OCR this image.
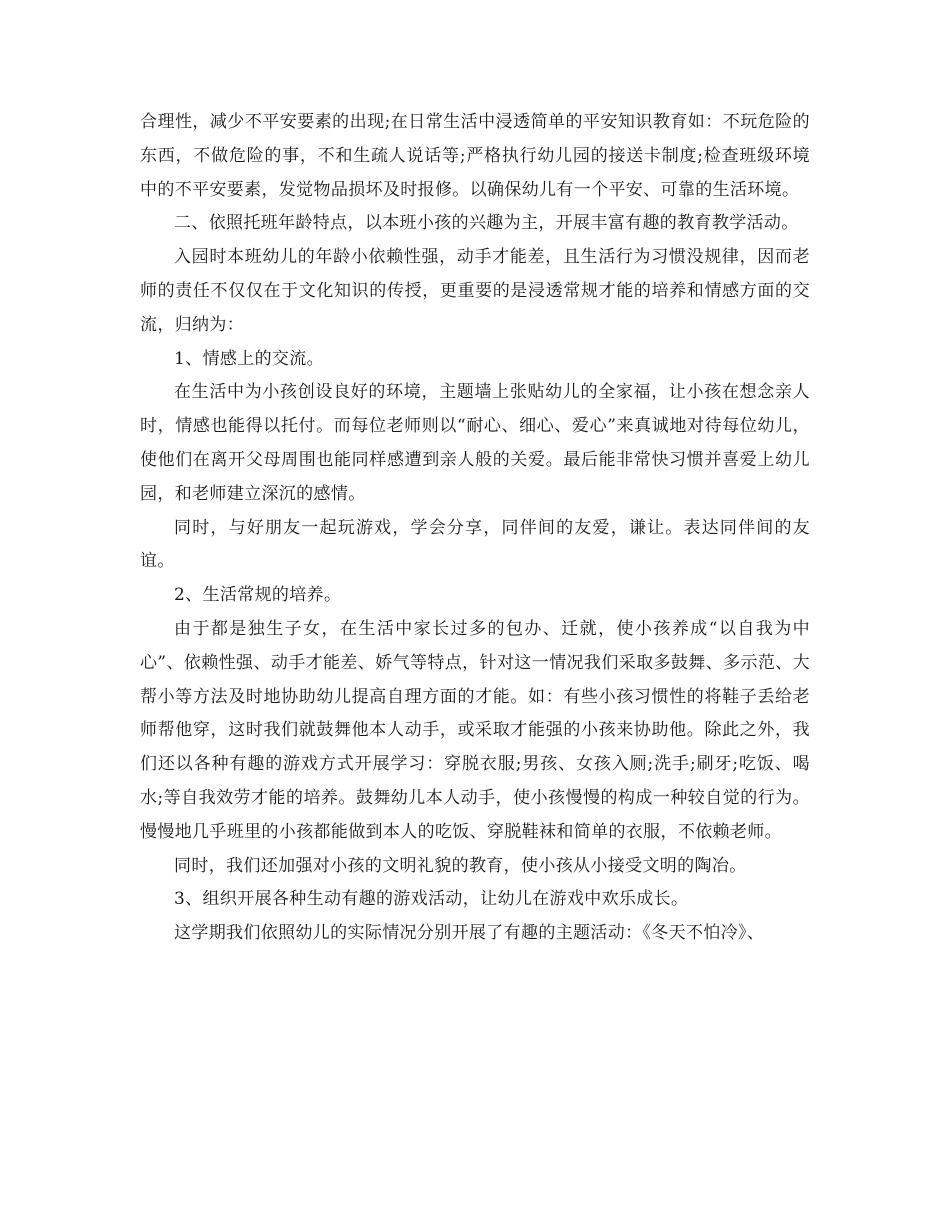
合理性，减少不平安要素的出现;在日常生活中浸透简单的平安知识教育如：不玩危险的东西，不做危险的事，不和生疏人说话等;严格执行幼儿园的接送卡制度;检查班级环境中的不平安要素，发觉物品损坏及时报修。以确保幼儿有一个平安、可靠的生活环境。

二、依照托班年龄特点，以本班小孩的兴趣为主，开展丰富有趣的教育教学活动。

入园时本班幼儿的年龄小依赖性强，动手才能差，且生活行为习惯没规律，因而老师的责任不仅仅在于文化知识的传授，更重要的是浸透常规才能的培养和情感方面的交流，归纳为：

1、情感上的交流。

在生活中为小孩创设良好的环境，主题墙上张贴幼儿的全家福，让小孩在想念亲人时，情感也能得以托付。而每位老师则以“耐心、细心、爱心”来真诚地对待每位幼儿，使他们在离开父母周围也能同样感遭到亲人般的关爱。最后能非常快习惯并喜爱上幼儿园，和老师建立深沉的感情。

同时，与好朋友一起玩游戏，学会分享，同伴间的友爱，谦让。表达同伴间的友谊。

2、生活常规的培养。

由于都是独生子女，在生活中家长过多的包办、迁就，使小孩养成“以自我为中心”、依赖性强、动手才能差、娇气等特点，针对这一情况我们采取多鼓舞、多示范、大帮小等方法及时地协助幼儿提高自理方面的才能。如：有些小孩习惯性的将鞋子丢给老师帮他穿，这时我们就鼓舞他本人动手，或采取才能强的小孩来协助他。除此之外，我们还以各种有趣的游戏方式开展学习：穿脱衣服;男孩、女孩入厕;洗手;刷牙;吃饭、喝水;等自我效劳才能的培养。鼓舞幼儿本人动手，使小孩慢慢的构成一种较自觉的行为。慢慢地几乎班里的小孩都能做到本人的吃饭、穿脱鞋袜和简单的衣服，不依赖老师。

同时，我们还加强对小孩的文明礼貌的教育，使小孩从小接受文明的陶冶。

3、组织开展各种生动有趣的游戏活动，让幼儿在游戏中欢乐成长。

这学期我们依照幼儿的实际情况分别开展了有趣的主题活动：《冬天不怕冷》、
